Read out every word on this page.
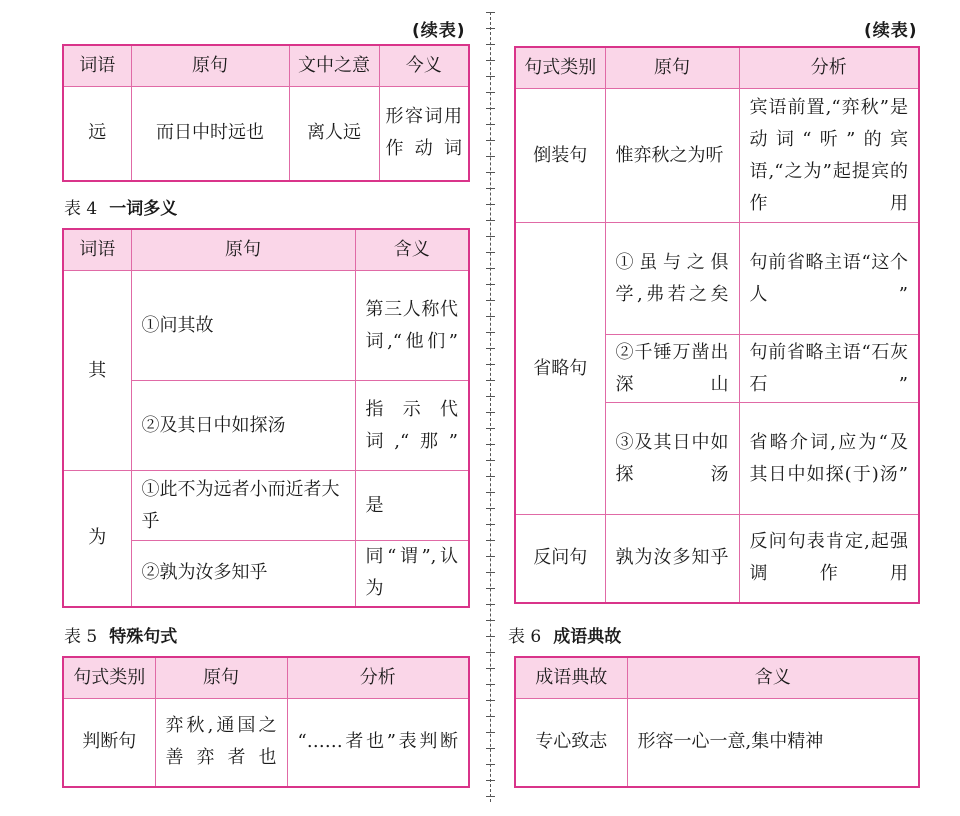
(续表)
词语	原句	文中之意	今义
远	而日中时远也	离人远	形容词用作动词
表 4 一词多义
词语	原句	含义
其	①问其故	第三人称代词,“他们”
	②及其日中如探汤	指示代词,“那”
为	①此不为远者小而近者大乎	是
	②孰为汝多知乎	同“谓”,认为
表 5 特殊句式
句式类别	原句	分析
判断句	弈秋,通国之善弈者也	“……者也”表判断
(续表)
句式类别	原句	分析
倒装句	惟弈秋之为听	宾语前置,“弈秋”是动词“听”的宾语,“之为”起提宾的作用
省略句	①虽与之俱学,弗若之矣	句前省略主语“这个人”
	②千锤万凿出深山	句前省略主语“石灰石”
	③及其日中如探汤	省略介词,应为“及其日中如探(于)汤”
反问句	孰为汝多知乎	反问句表肯定,起强调作用
表 6 成语典故
成语典故	含义
专心致志	形容一心一意,集中精神
